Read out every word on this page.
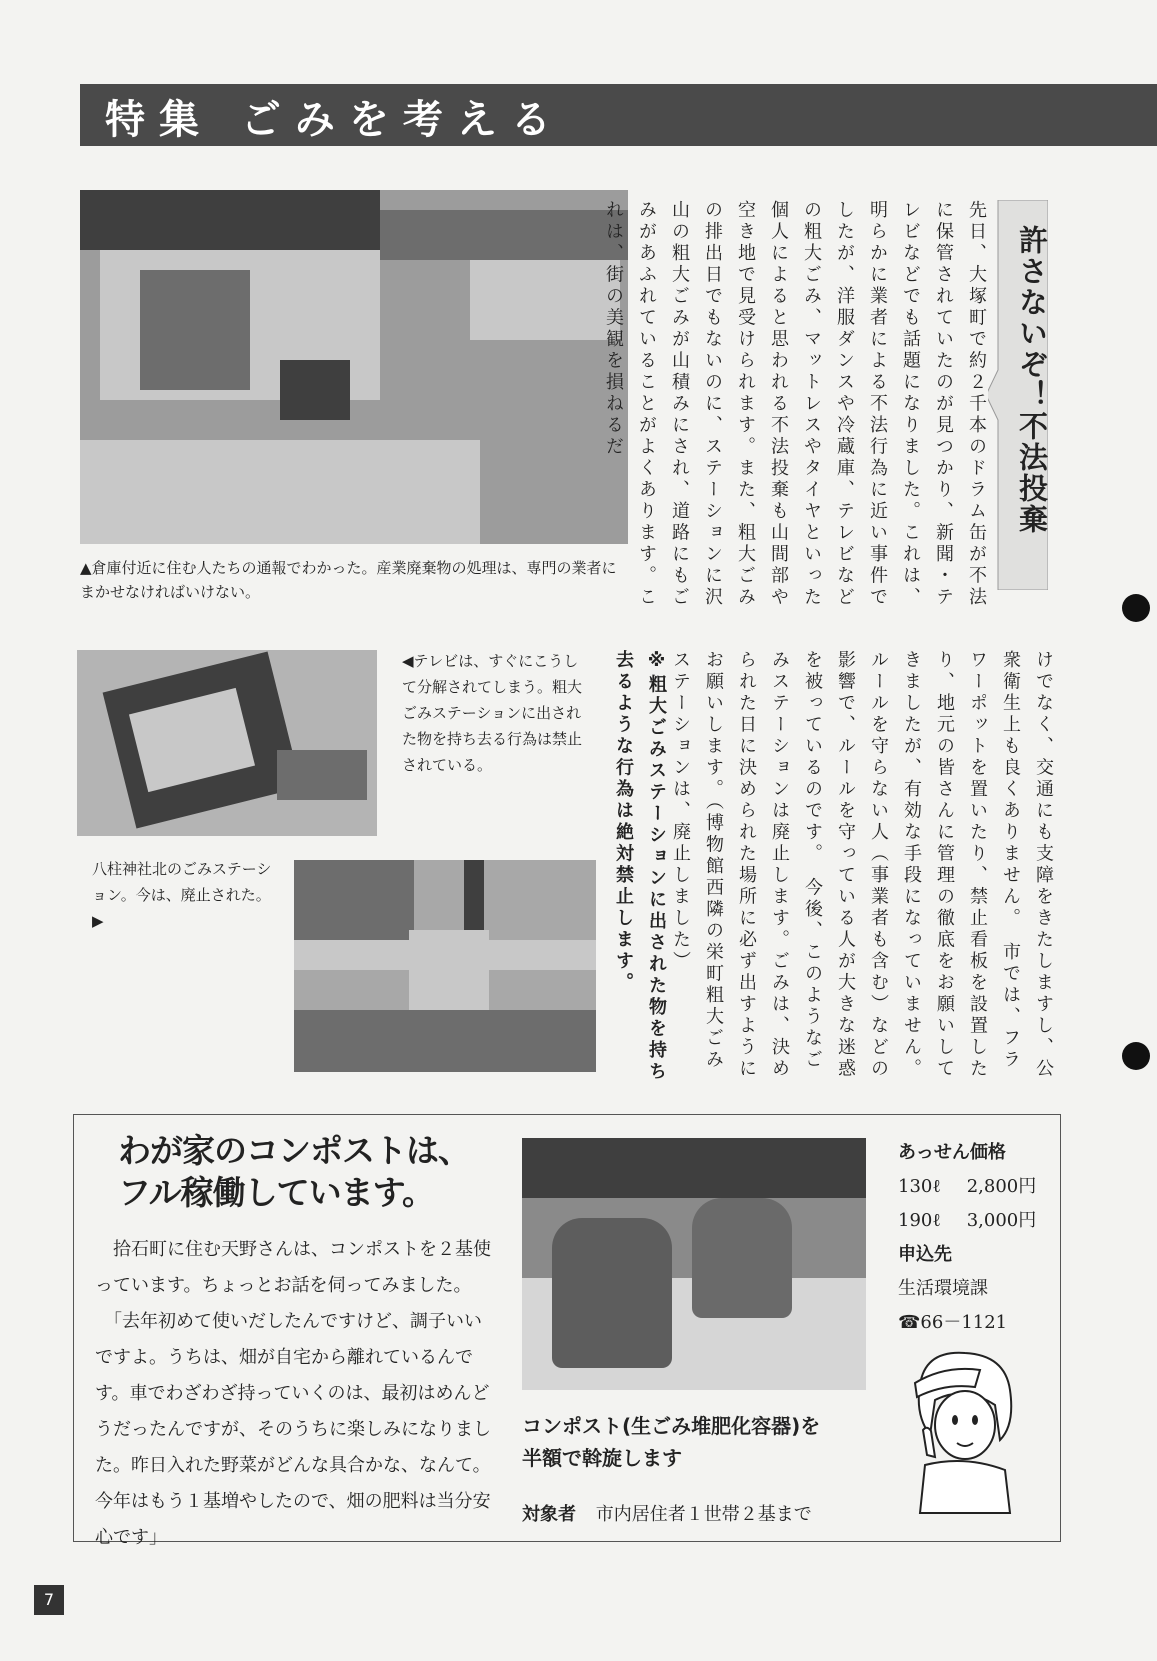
特集 ごみを考える
▲倉庫付近に住む人たちの通報でわかった。産業廃棄物の処理は、専門の業者にまかせなければいけない。	先日、大塚町で約２千本のドラム缶が不法に保管されていたのが見つかり、新聞・テレビなどでも話題になりました。これは、明らかに業者による不法行為に近い事件でしたが、洋服ダンスや冷蔵庫、テレビなどの粗大ごみ、マットレスやタイヤといった個人によると思われる不法投棄も山間部や空き地で見受けられます。また、粗大ごみの排出日でもないのに、ステーションに沢山の粗大ごみが山積みにされ、道路にもごみがあふれていることがよくあります。これは、街の美観を損ねるだ	許さないぞ！不法投棄
◀テレビは、すぐにこうして分解されてしまう。粗大ごみステーションに出された物を持ち去る行為は禁止されている。
八柱神社北のごみステーション。今は、廃止された。▶	けでなく、交通にも支障をきたしますし、公衆衛生上も良くありません。　市では、フラワーポットを置いたり、禁止看板を設置したり、地元の皆さんに管理の徹底をお願いしてきましたが、有効な手段になっていません。ルールを守らない人（事業者も含む）などの影響で、ルールを守っている人が大きな迷惑を被っているのです。　今後、このようなごみステーションは廃止します。ごみは、決められた日に決められた場所に必ず出すようにお願いします。（博物館西隣の栄町粗大ごみステーションは、廃止しました）
※粗大ごみステーションに出された物を持ち去るような行為は絶対禁止します。
わが家のコンポストは、
フル稼働しています。
　拾石町に住む天野さんは、コンポストを２基使っています。ちょっとお話を伺ってみました。
　「去年初めて使いだしたんですけど、調子いいですよ。うちは、畑が自宅から離れているんです。車でわざわざ持っていくのは、最初はめんどうだったんですが、そのうちに楽しみになりました。昨日入れた野菜がどんな具合かな、なんて。今年はもう１基増やしたので、畑の肥料は当分安心です」
コンポスト(生ごみ堆肥化容器)を
半額で斡旋します
対象者 市内居住者１世帯２基まで
あっせん価格
130ℓ 2,800円
190ℓ 3,000円
申込先
生活環境課
☎66－1121
7
